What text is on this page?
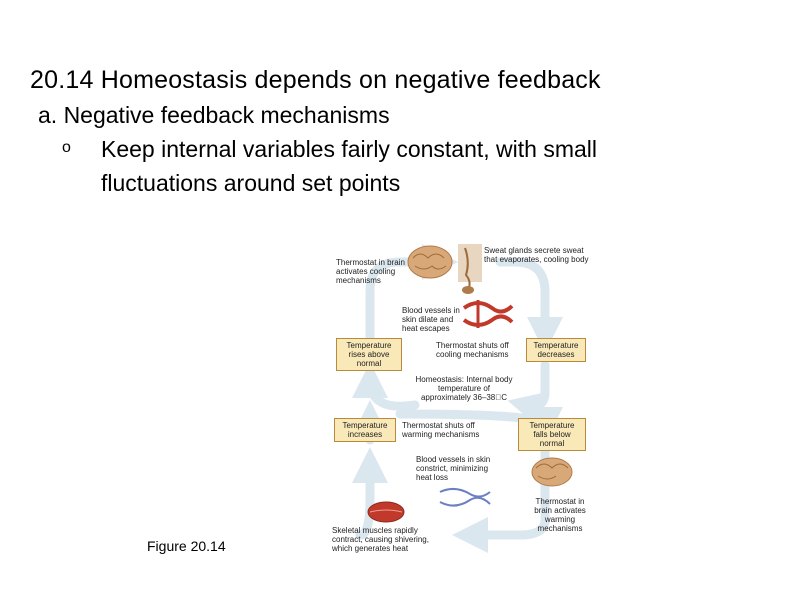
20.14 Homeostasis depends on negative feedback
a. Negative feedback mechanisms
o Keep internal variables fairly constant, with small
fluctuations around set points
Thermostat in brain activates cooling mechanisms
Sweat glands secrete sweat that evaporates, cooling body
Blood vessels in skin dilate and heat escapes
Temperature rises above normal
Thermostat shuts off cooling mechanisms
Temperature decreases
Homeostasis: Internal body temperature of approximately 36–38 C
Temperature increases
Thermostat shuts off warming mechanisms
Temperature falls below normal
Blood vessels in skin constrict, minimizing heat loss
Thermostat in brain activates warming mechanisms
Skeletal muscles rapidly contract, causing shivering, which generates heat
Figure 20.14
